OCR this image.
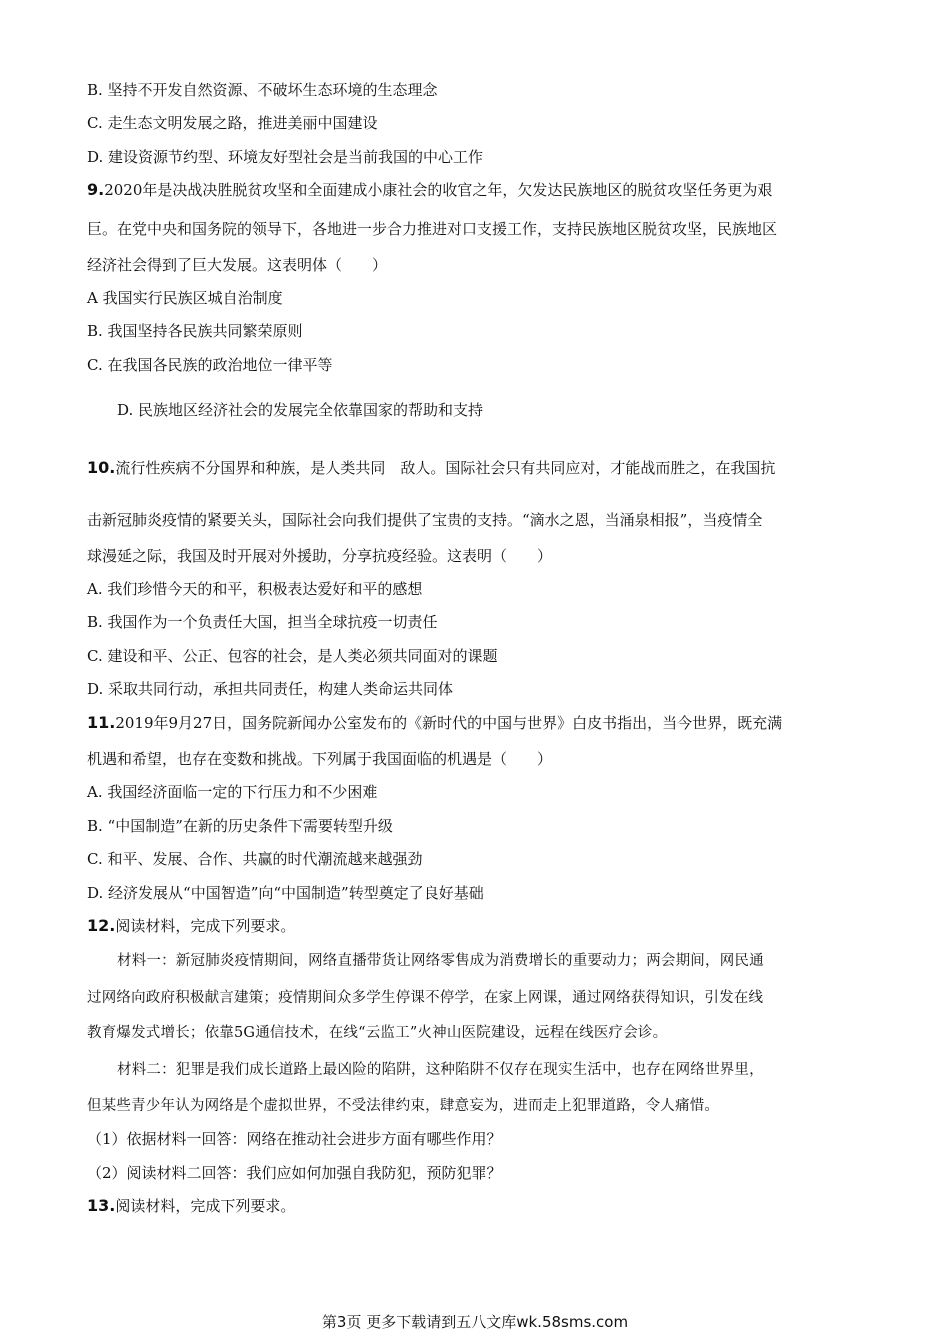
B. 坚持不开发自然资源、不破坏生态环境的生态理念
C. 走生态文明发展之路，推进美丽中国建设
D. 建设资源节约型、环境友好型社会是当前我国的中心工作
9.2020年是决战决胜脱贫攻坚和全面建成小康社会的收官之年，欠发达民族地区的脱贫攻坚任务更为艰
巨。在党中央和国务院的领导下，各地进一步合力推进对口支援工作，支持民族地区脱贫攻坚，民族地区
经济社会得到了巨大发展。这表明体（　　）
A 我国实行民族区城自治制度
B. 我国坚持各民族共同繁荣原则
C. 在我国各民族的政治地位一律平等
D. 民族地区经济社会的发展完全依靠国家的帮助和支持
10.流行性疾病不分国界和种族，是人类共同　敌人。国际社会只有共同应对，才能战而胜之，在我国抗
击新冠肺炎疫情的紧要关头，国际社会向我们提供了宝贵的支持。“滴水之恩，当涌泉相报”，当疫情全
球漫延之际，我国及时开展对外援助，分享抗疫经验。这表明（　　）
A. 我们珍惜今天的和平，积极表达爱好和平的感想
B. 我国作为一个负责任大国，担当全球抗疫一切责任
C. 建设和平、公正、包容的社会，是人类必须共同面对的课题
D. 采取共同行动，承担共同责任，构建人类命运共同体
11.2019年9月27日，国务院新闻办公室发布的《新时代的中国与世界》白皮书指出，当今世界，既充满
机遇和希望，也存在变数和挑战。下列属于我国面临的机遇是（　　）
A. 我国经济面临一定的下行压力和不少困难
B. “中国制造”在新的历史条件下需要转型升级
C. 和平、发展、合作、共赢的时代潮流越来越强劲
D. 经济发展从“中国智造”向“中国制造”转型奠定了良好基础
12.阅读材料，完成下列要求。
材料一：新冠肺炎疫情期间，网络直播带货让网络零售成为消费增长的重要动力；两会期间，网民通
过网络向政府积极献言建策；疫情期间众多学生停课不停学，在家上网课，通过网络获得知识，引发在线
教育爆发式增长；依靠5G通信技术，在线“云监工”火神山医院建设，远程在线医疗会诊。
材料二：犯罪是我们成长道路上最凶险的陷阱，这种陷阱不仅存在现实生活中，也存在网络世界里，
但某些青少年认为网络是个虚拟世界，不受法律约束，肆意妄为，进而走上犯罪道路，令人痛惜。
（1）依据材料一回答：网络在推动社会进步方面有哪些作用？
（2）阅读材料二回答：我们应如何加强自我防犯，预防犯罪？
13.阅读材料，完成下列要求。
第3页 更多下载请到五八文库wk.58sms.com
